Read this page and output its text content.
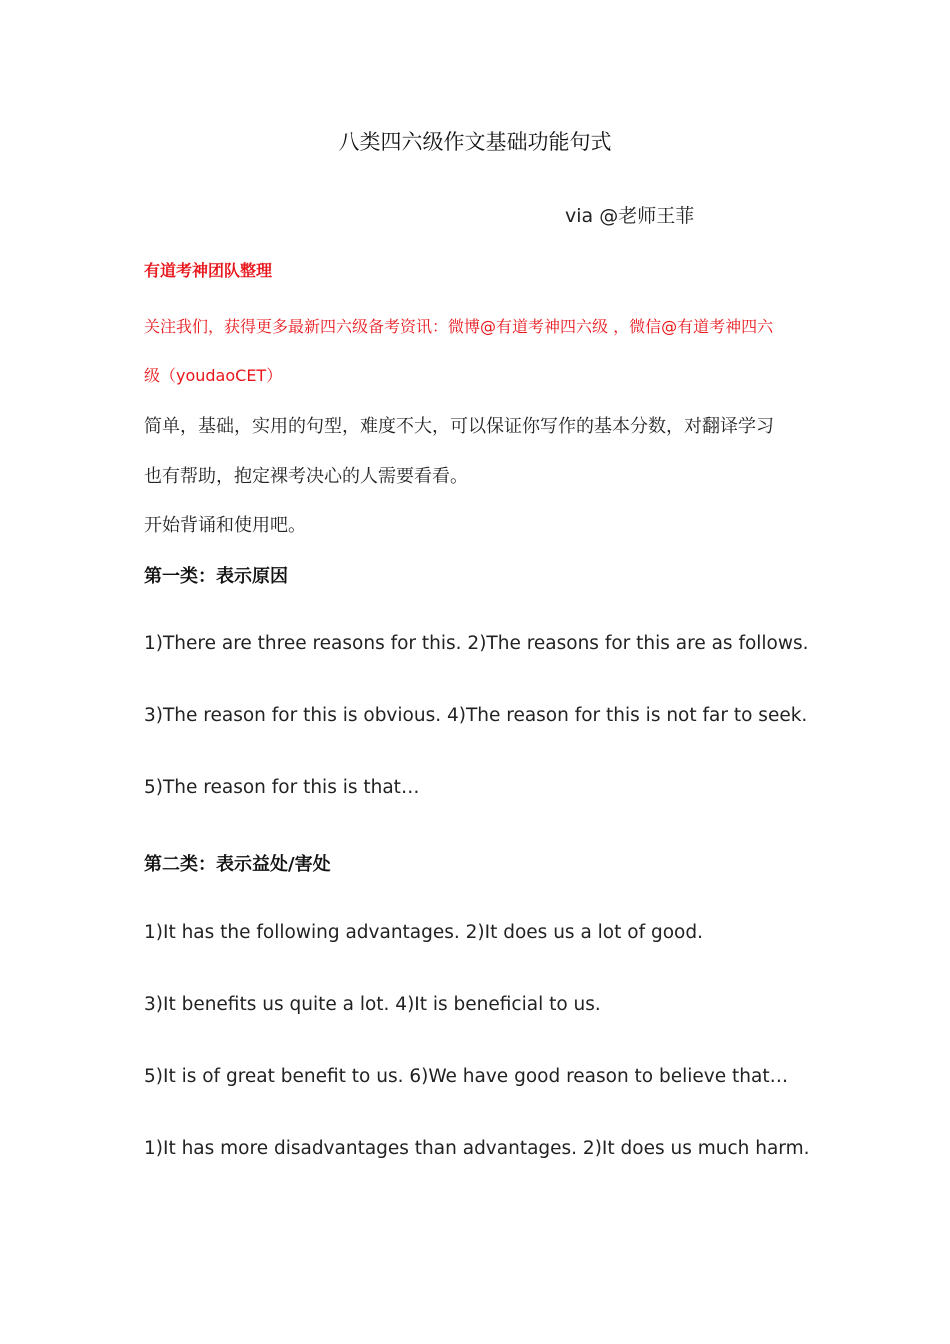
八类四六级作文基础功能句式
via @老师王菲
有道考神团队整理
关注我们，获得更多最新四六级备考资讯：微博@有道考神四六级 ，微信@有道考神四六
级（youdaoCET）
简单，基础，实用的句型，难度不大，可以保证你写作的基本分数，对翻译学习
也有帮助，抱定裸考决心的人需要看看。
开始背诵和使用吧。
第一类：表示原因
1)There are three reasons for this. 2)The reasons for this are as follows.
3)The reason for this is obvious. 4)The reason for this is not far to seek.
5)The reason for this is that…
第二类：表示益处/害处
1)It has the following advantages. 2)It does us a lot of good.
3)It benefits us quite a lot. 4)It is beneficial to us.
5)It is of great benefit to us. 6)We have good reason to believe that…
1)It has more disadvantages than advantages. 2)It does us much harm.
